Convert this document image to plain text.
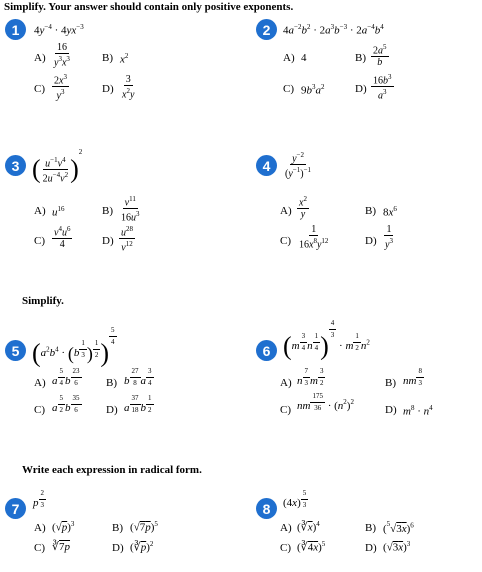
Simplify. Your answer should contain only positive exponents.
1	$4y^{-4} \cdot 4yx^{-3}$
$A) \frac{16}{y^3x^3}$	B) $x^2$
$C) \frac{2x^3}{y^3}$	$D) \frac{3}{x^2y}$
2	$4a^{-2}b^2 \cdot 2a^3b^{-3} \cdot 2a^{-4}b^4$
A) 4	$B) \frac{2a^5}{b}$
C) $9b^3a^2$	$D) \frac{16b^3}{a^3}$
3 ( $\frac{u^{-1}v^4}{2u^{-4}v^2} )^2$
A) $u^{16}$	$B) \frac{v^{11}}{16u^3}$
$C) \frac{v^4u^6}{4}$	$D) \frac{u^{28}}{v^{12}}$
4	$\frac{y^{-2}}{(y^{-1})^{-1}}$
$A) \frac{x^2}{y}$	B) $8x^6$
$C) \frac{1}{16x^8y^{12}}$	$D) \frac{1}{y^3}$
Simplify.
5 ($a^2b^4 \cdot (b$ $^{\frac{1}{3}}$ ) $^{\frac{1}{2}}$ )
$^{\frac{5}{4}}$
A) a $^{\frac{5}{4}}$ b $^{\frac{23}{6}}$ B) b $^{\frac{27}{8}}$ a $^{\frac{3}{4}}$
C) a $^{\frac{5}{2}}$ b $^{\frac{35}{6}}$ D) a $^{\frac{37}{18}}$ b $^{\frac{1}{2}}$
6 (m $^{\frac{3}{4}}$ n $^{\frac{1}{4}}$ )
$^{\frac{4}{3}}$
· m $^{\frac{1}{2}}$ $n^2$
A) n $^{\frac{7}{3}}$ m $^{\frac{3}{2}}$	B) nm $^{\frac{8}{3}}$
C) nm $^{\frac{175}{36}} \cdot (n^2)^2$
D) $m^8 \cdot n^4$
Write each expression in radical form.
7	p $^{\frac{2}{3}}$
A) $(√p)^3$	B) $(√7p)^5$
C) ∛7p	D) $(∛\overline{p})^2$
8	(4x) $^{\frac{5}{3}}$
A) $(∛\overline{x})^4$	B) $(^5√3x)^6$
C) (∛4x)$^5$	D) $(√3x)^3$
